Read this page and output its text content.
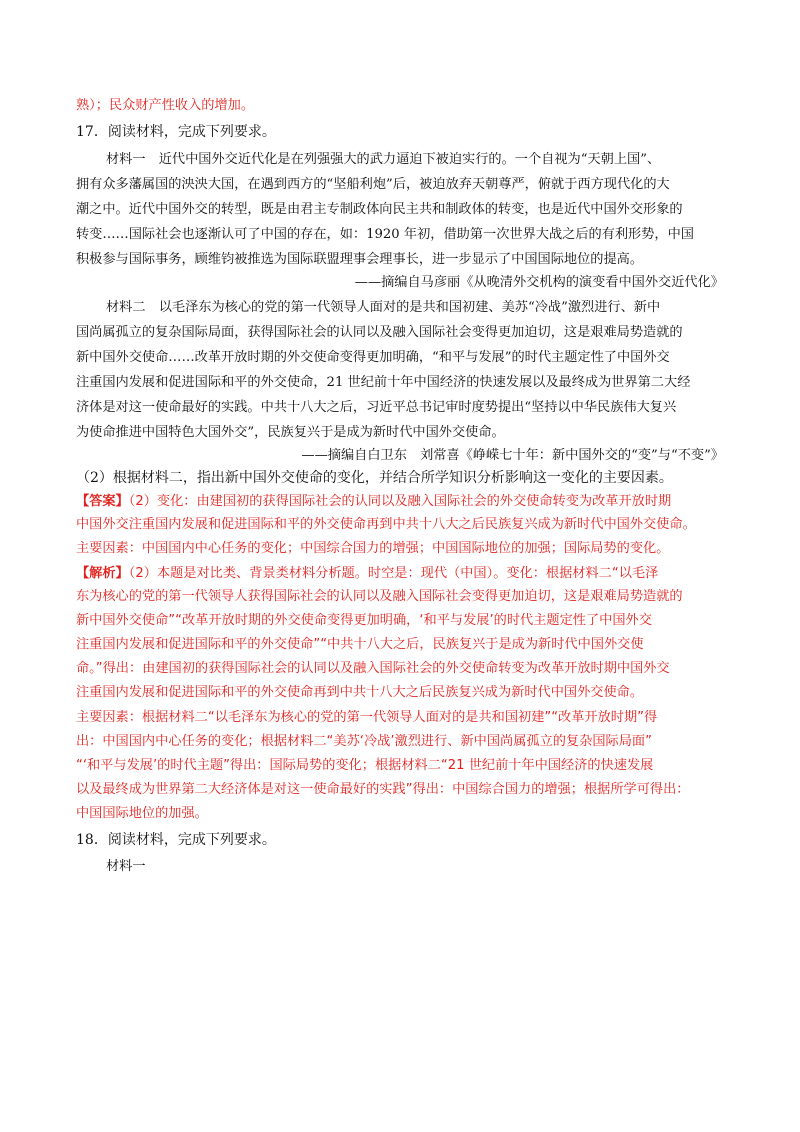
熟）；民众财产性收入的增加。
17．阅读材料，完成下列要求。
材料一　近代中国外交近代化是在列强强大的武力逼迫下被迫实行的。一个自视为“天朝上国”、
拥有众多藩属国的泱泱大国，在遇到西方的“坚船利炮”后，被迫放弃天朝尊严，俯就于西方现代化的大
潮之中。近代中国外交的转型，既是由君主专制政体向民主共和制政体的转变，也是近代中国外交形象的
转变……国际社会也逐渐认可了中国的存在，如：1920 年初，借助第一次世界大战之后的有利形势，中国
积极参与国际事务，顾维钧被推选为国际联盟理事会理事长，进一步显示了中国国际地位的提高。
——摘编自马彦丽《从晚清外交机构的演变看中国外交近代化》
材料二　以毛泽东为核心的党的第一代领导人面对的是共和国初建、美苏“冷战”激烈进行、新中
国尚属孤立的复杂国际局面，获得国际社会的认同以及融入国际社会变得更加迫切，这是艰难局势造就的
新中国外交使命……改革开放时期的外交使命变得更加明确，“和平与发展”的时代主题定性了中国外交
注重国内发展和促进国际和平的外交使命，21 世纪前十年中国经济的快速发展以及最终成为世界第二大经
济体是对这一使命最好的实践。中共十八大之后，习近平总书记审时度势提出“坚持以中华民族伟大复兴
为使命推进中国特色大国外交”，民族复兴于是成为新时代中国外交使命。
——摘编自白卫东　刘常喜《峥嵘七十年：新中国外交的“变”与“不变”》
（2）根据材料二，指出新中国外交使命的变化，并结合所学知识分析影响这一变化的主要因素。
【答案】（2）变化：由建国初的获得国际社会的认同以及融入国际社会的外交使命转变为改革开放时期
中国外交注重国内发展和促进国际和平的外交使命再到中共十八大之后民族复兴成为新时代中国外交使命。
主要因素：中国国内中心任务的变化；中国综合国力的增强；中国国际地位的加强；国际局势的变化。
【解析】（2）本题是对比类、背景类材料分析题。时空是：现代（中国）。变化：根据材料二“以毛泽
东为核心的党的第一代领导人获得国际社会的认同以及融入国际社会变得更加迫切，这是艰难局势造就的
新中国外交使命”“改革开放时期的外交使命变得更加明确，‘和平与发展’的时代主题定性了中国外交
注重国内发展和促进国际和平的外交使命”“中共十八大之后，民族复兴于是成为新时代中国外交使
命。”得出：由建国初的获得国际社会的认同以及融入国际社会的外交使命转变为改革开放时期中国外交
注重国内发展和促进国际和平的外交使命再到中共十八大之后民族复兴成为新时代中国外交使命。
主要因素：根据材料二“以毛泽东为核心的党的第一代领导人面对的是共和国初建”“改革开放时期”得
出：中国国内中心任务的变化；根据材料二“美苏‘冷战’激烈进行、新中国尚属孤立的复杂国际局面”
“‘和平与发展’的时代主题”得出：国际局势的变化；根据材料二“21 世纪前十年中国经济的快速发展
以及最终成为世界第二大经济体是对这一使命最好的实践”得出：中国综合国力的增强；根据所学可得出：
中国国际地位的加强。
18．阅读材料，完成下列要求。
材料一
